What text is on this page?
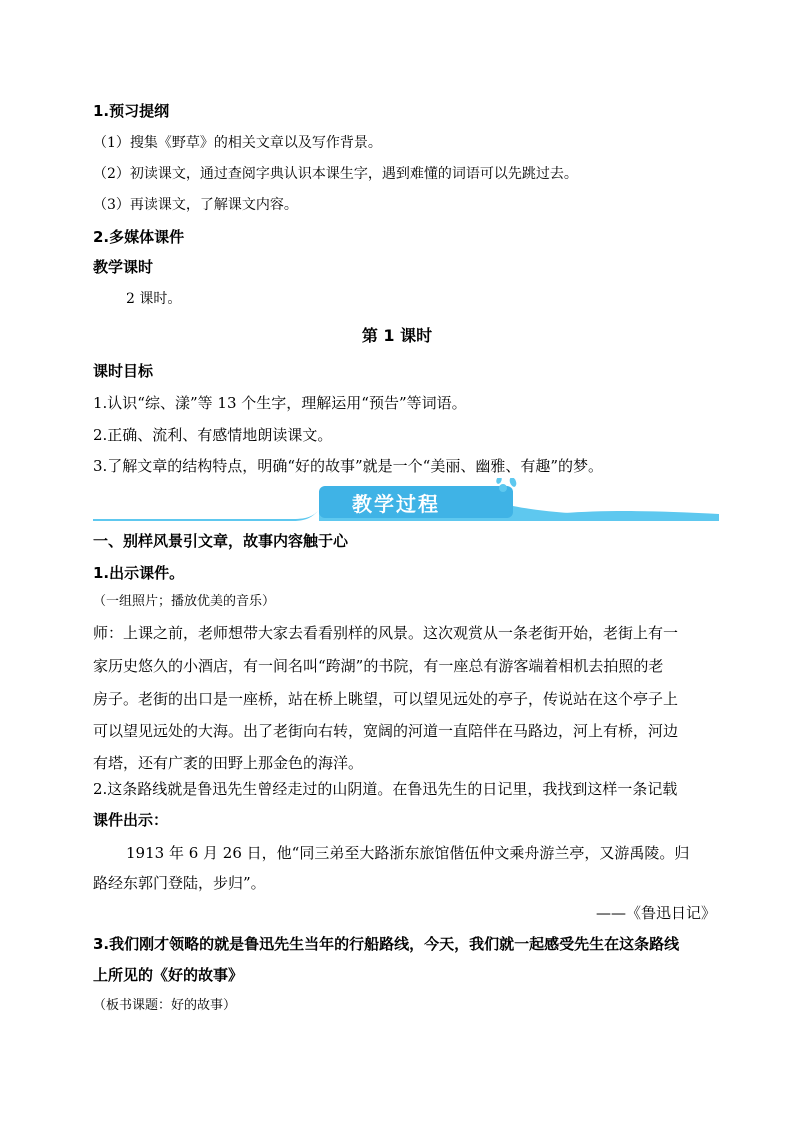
1.预习提纲
（1）搜集《野草》的相关文章以及写作背景。
（2）初读课文，通过查阅字典认识本课生字，遇到难懂的词语可以先跳过去。
（3）再读课文，了解课文内容。
2.多媒体课件
教学课时
2 课时。
第 1 课时
课时目标
1.认识“综、漾”等 13 个生字，理解运用“预告”等词语。
2.正确、流利、有感情地朗读课文。
3.了解文章的结构特点，明确“好的故事”就是一个“美丽、幽雅、有趣”的梦。
教学过程
一、别样风景引文章，故事内容触于心
1.出示课件。
（一组照片；播放优美的音乐）
师：上课之前，老师想带大家去看看别样的风景。这次观赏从一条老街开始，老街上有一
家历史悠久的小酒店，有一间名叫“跨湖”的书院，有一座总有游客端着相机去拍照的老
房子。老街的出口是一座桥，站在桥上眺望，可以望见远处的亭子，传说站在这个亭子上
可以望见远处的大海。出了老街向右转，宽阔的河道一直陪伴在马路边，河上有桥，河边
有塔，还有广袤的田野上那金色的海洋。
2.这条路线就是鲁迅先生曾经走过的山阴道。在鲁迅先生的日记里，我找到这样一条记载
课件出示：
1913 年 6 月 26 日，他“同三弟至大路浙东旅馆偕伍仲文乘舟游兰亭，又游禹陵。归
路经东郭门登陆，步归”。
——《鲁迅日记》
3.我们刚才领略的就是鲁迅先生当年的行船路线，今天，我们就一起感受先生在这条路线
上所见的《好的故事》
（板书课题：好的故事）
